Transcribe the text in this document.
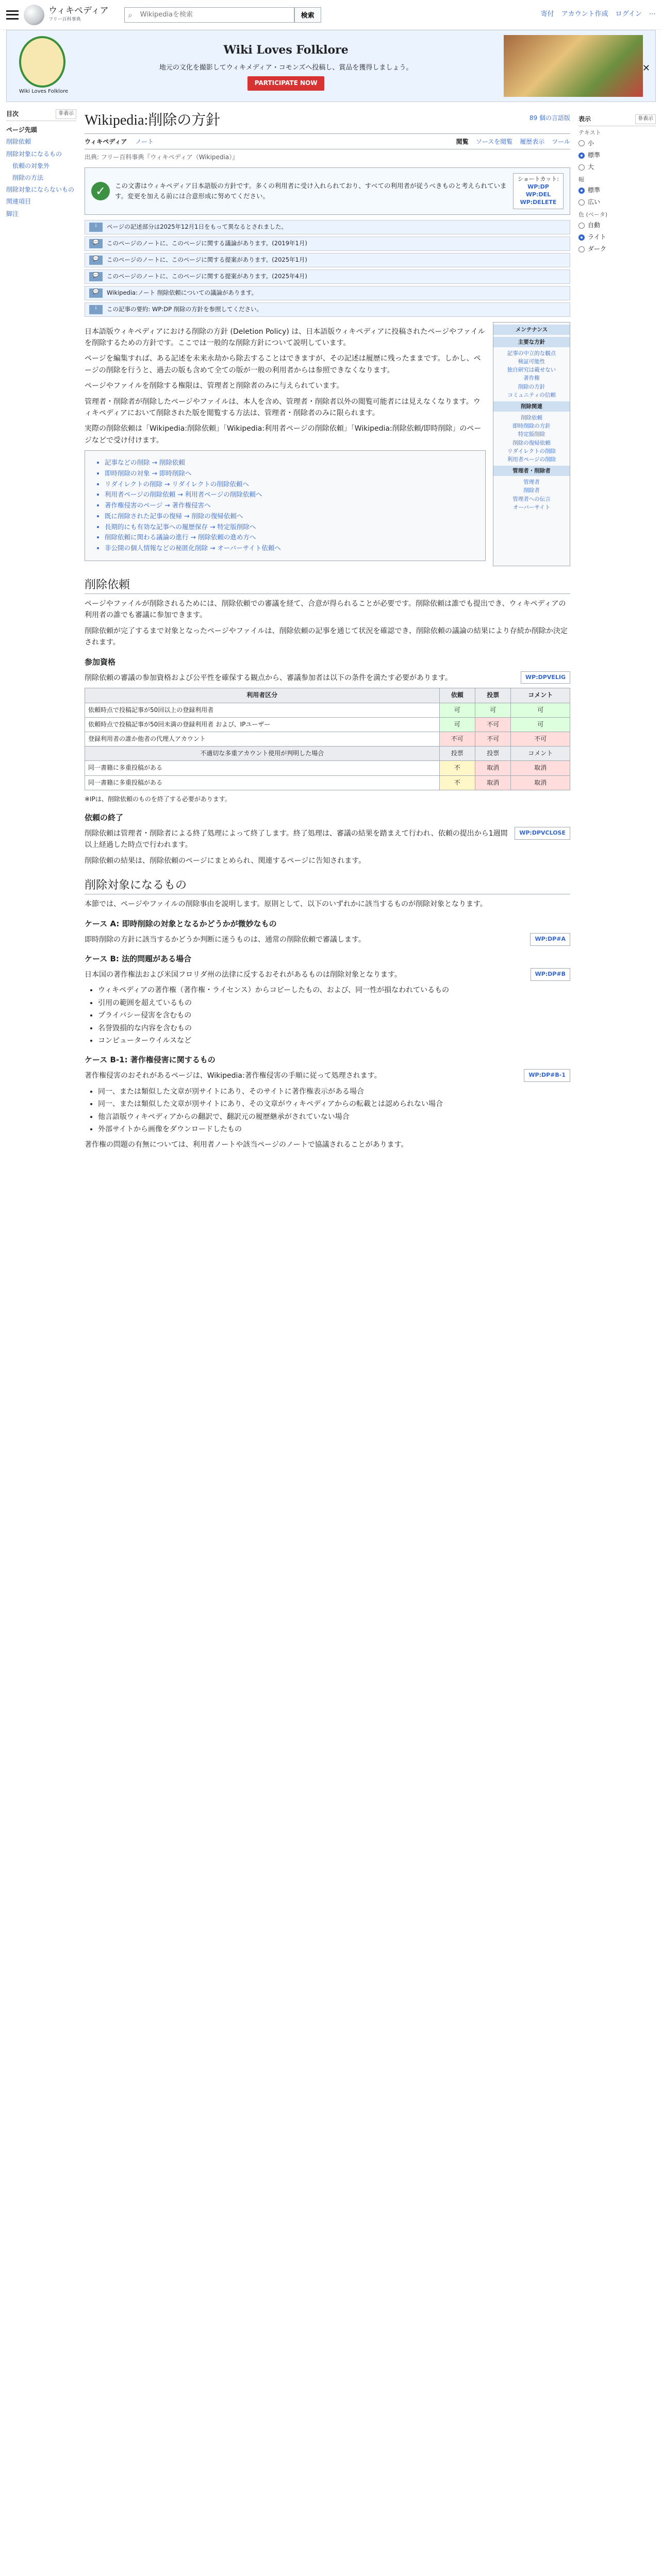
ウィキペディア
フリー百科事典
⌕
Wikipediaを検索	検索	寄付 アカウント作成 ログイン ⋯
Wiki Loves Folklore
Wiki Loves Folklore
地元の文化を撮影してウィキメディア・コモンズへ投稿し、賞品を獲得しましょう。
PARTICIPATE NOW
✕
目次	非表示
ページ先頭
削除依頼
削除対象になるもの
依頼の対象外
削除の方法
削除対象にならないもの
関連項目
脚注
89 個の言語版
Wikipedia:削除の方針
ウィキペディア ノート	閲覧 ソースを閲覧 履歴表示 ツール
出典: フリー百科事典『ウィキペディア（Wikipedia）』
✓	この文書はウィキペディア日本語版の方針です。多くの利用者に受け入れられており、すべての利用者が従うべきものと考えられています。変更を加える前には合意形成に努めてください。
ショートカット:
WP:DP
WP:DEL
WP:DELETE
i	ページの記述部分は2025年12月1日をもって異なるとされました。
💬	このページのノートに、このページに関する議論があります。(2019年1月)
💬	このページのノートに、このページに関する提案があります。(2025年1月)
💬	このページのノートに、このページに関する提案があります。(2025年4月)
💬	Wikipedia:ノート 削除依頼についての議論があります。
i	この記事の要約: WP:DP 削除の方針を参照してください。

日本語版ウィキペディアにおける削除の方針 (Deletion Policy) は、日本語版ウィキペディアに投稿されたページやファイルを削除するための方針です。ここでは一般的な削除方針について説明しています。

ページを編集すれば、ある記述を未来永劫から除去することはできますが、その記述は履歴に残ったままです。しかし、ページの削除を行うと、過去の版も含めて全ての版が一般の利用者からは参照できなくなります。

ページやファイルを削除する権限は、管理者と削除者のみに与えられています。

管理者・削除者が削除したページやファイルは、本人を含め、管理者・削除者以外の閲覧可能者には見えなくなります。ウィキペディアにおいて削除された版を閲覧する方法は、管理者・削除者のみに限られます。

実際の削除依頼は「Wikipedia:削除依頼」「Wikipedia:利用者ページの削除依頼」「Wikipedia:削除依頼/即時削除」のページなどで受け付けます。

• 記事などの削除 → 削除依頼
• 即時削除の対象 → 即時削除へ
• リダイレクトの削除 → リダイレクトの削除依頼へ
• 利用者ページの削除依頼 → 利用者ページの削除依頼へ
• 著作権侵害のページ → 著作権侵害へ
• 既に削除された記事の復帰 → 削除の復帰依頼へ
• 長期的にも有効な記事への履歴保存 → 特定版削除へ
• 削除依頼に関わる議論の進行 → 削除依頼の進め方へ
• 非公開の個人情報などの秘匿化削除 → オーバーサイト依頼へ
メンテナンス
主要な方針
記事の中立的な観点
検証可能性
独自研究は載せない
著作権
削除の方針
コミュニティの信頼
削除関連
削除依頼
即時削除の方針
特定版削除
削除の復帰依頼
リダイレクトの削除
利用者ページの削除
管理者・削除者
管理者
削除者
管理者への伝言
オーバーサイト
削除依頼

ページやファイルが削除されるためには、削除依頼での審議を経て、合意が得られることが必要です。削除依頼は誰でも提出でき、ウィキペディアの利用者の誰でも審議に参加できます。

削除依頼が完了するまで対象となったページやファイルは、削除依頼の記事を通じて状況を確認でき、削除依頼の議論の結果により存続か削除か決定されます。

参加資格
WP:DPVELIG

削除依頼の審議の参加資格および公平性を確保する観点から、審議参加者は以下の条件を満たす必要があります。

利用者区分	依頼	投票	コメント
依頼時点で投稿記事が50回以上の登録利用者	可	可	可
依頼時点で投稿記事が50回未満の登録利用者 および、IPユーザー	可	不可	可
登録利用者の誰か他者の代理人アカウント	不可	不可	不可
不適切な多重アカウント使用が判明した場合	投票	投票	コメント
同一書籍に多重投稿がある	不	取消	取消
同一書籍に多重投稿がある	不	取消	取消

※IPは、削除依頼のものを終了する必要があります。

依頼の終了
WP:DPVCLOSE

削除依頼は管理者・削除者による終了処理によって終了します。終了処理は、審議の結果を踏まえて行われ、依頼の提出から1週間以上経過した時点で行われます。

削除依頼の結果は、削除依頼のページにまとめられ、関連するページに告知されます。

削除対象になるもの

本節では、ページやファイルの削除事由を説明します。原則として、以下のいずれかに該当するものが削除対象となります。

ケース A: 即時削除の対象となるかどうかが微妙なもの
WP:DP#A

即時削除の方針に該当するかどうか判断に迷うものは、通常の削除依頼で審議します。

ケース B: 法的問題がある場合
WP:DP#B

日本国の著作権法および米国フロリダ州の法律に反するおそれがあるものは削除対象となります。

• ウィキペディアの著作権（著作権・ライセンス）からコピーしたもの、および、同一性が損なわれているもの
• 引用の範囲を超えているもの
• プライバシー侵害を含むもの
• 名誉毀損的な内容を含むもの
• コンピューターウイルスなど
ケース B-1: 著作権侵害に関するもの
WP:DP#B-1

著作権侵害のおそれがあるページは、Wikipedia:著作権侵害の手順に従って処理されます。

• 同一、または類似した文章が別サイトにあり、そのサイトに著作権表示がある場合
• 同一、または類似した文章が別サイトにあり、その文章がウィキペディアからの転載とは認められない場合
• 他言語版ウィキペディアからの翻訳で、翻訳元の履歴継承がされていない場合
• 外部サイトから画像をダウンロードしたもの

著作権の問題の有無については、利用者ノートや該当ページのノートで協議されることがあります。

表示	非表示
テキスト
小
標準
大
幅
標準
広い
色 (ベータ)
自動
ライト
ダーク
